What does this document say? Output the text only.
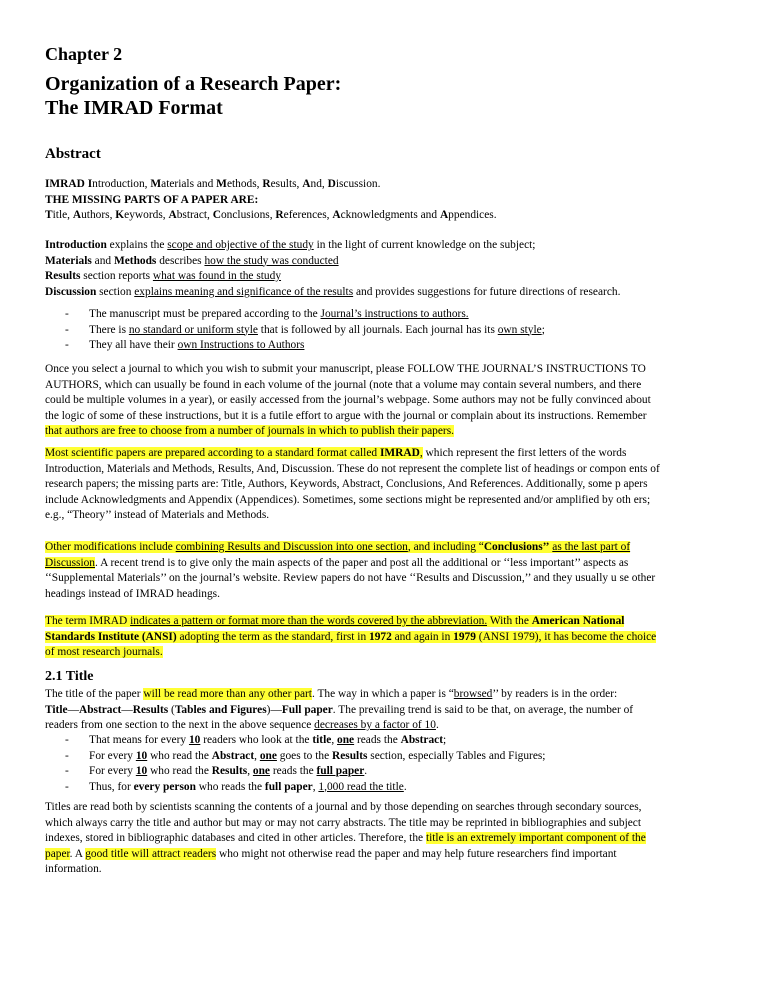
Chapter 2
Organization of a Research Paper:
The IMRAD Format
Abstract
IMRAD Introduction, Materials and Methods, Results, And, Discussion.
THE MISSING PARTS OF A PAPER ARE:
Title, Authors, Keywords, Abstract, Conclusions, References, Acknowledgments and Appendices.
Introduction explains the scope and objective of the study in the light of current knowledge on the subject;
Materials and Methods describes how the study was conducted
Results section reports what was found in the study
Discussion section explains meaning and significance of the results and provides suggestions for future directions of research.
- The manuscript must be prepared according to the Journal’s instructions to authors.
- There is no standard or uniform style that is followed by all journals. Each journal has its own style;
- They all have their own Instructions to Authors
Once you select a journal to which you wish to submit your manuscript, please FOLLOW THE JOURNAL’S INSTRUCTIONS TO
AUTHORS, which can usually be found in each volume of the journal (note that a volume may contain several numbers, and there
could be multiple volumes in a year), or easily accessed from the journal’s webpage. Some authors may not be fully convinced about
the logic of some of these instructions, but it is a futile effort to argue with the journal or complain about its instructions. Remember
that authors are free to choose from a number of journals in which to publish their papers.
Most scientific papers are prepared according to a standard format called IMRAD, which represent the first letters of the words
Introduction, Materials and Methods, Results, And, Discussion. These do not represent the complete list of headings or compon ents of
research papers; the missing parts are: Title, Authors, Keywords, Abstract, Conclusions, And References. Additionally, some p apers
include Acknowledgments and Appendix (Appendices). Sometimes, some sections might be represented and/or amplified by oth ers;
e.g., “Theory’’ instead of Materials and Methods.
Other modifications include combining Results and Discussion into one section, and including “Conclusions’’ as the last part of
Discussion. A recent trend is to give only the main aspects of the paper and post all the additional or ‘‘less important’’ aspects as
‘‘Supplemental Materials’’ on the journal’s website. Review papers do not have ‘‘Results and Discussion,’’ and they usually u se other
headings instead of IMRAD headings.
The term IMRAD indicates a pattern or format more than the words covered by the abbreviation. With the American National
Standards Institute (ANSI) adopting the term as the standard, first in 1972 and again in 1979 (ANSI 1979), it has become the choice
of most research journals.
2.1 Title
The title of the paper will be read more than any other part. The way in which a paper is “browsed’’ by readers is in the order:
Title—Abstract—Results (Tables and Figures)—Full paper. The prevailing trend is said to be that, on average, the number of
readers from one section to the next in the above sequence decreases by a factor of 10.
- That means for every 10 readers who look at the title, one reads the Abstract;
- For every 10 who read the Abstract, one goes to the Results section, especially Tables and Figures;
- For every 10 who read the Results, one reads the full paper.
- Thus, for every person who reads the full paper, 1,000 read the title.
Titles are read both by scientists scanning the contents of a journal and by those depending on searches through secondary sources,
which always carry the title and author but may or may not carry abstracts. The title may be reprinted in bibliographies and subject
indexes, stored in bibliographic databases and cited in other articles. Therefore, the title is an extremely important component of the
paper. A good title will attract readers who might not otherwise read the paper and may help future researchers find important
information.
